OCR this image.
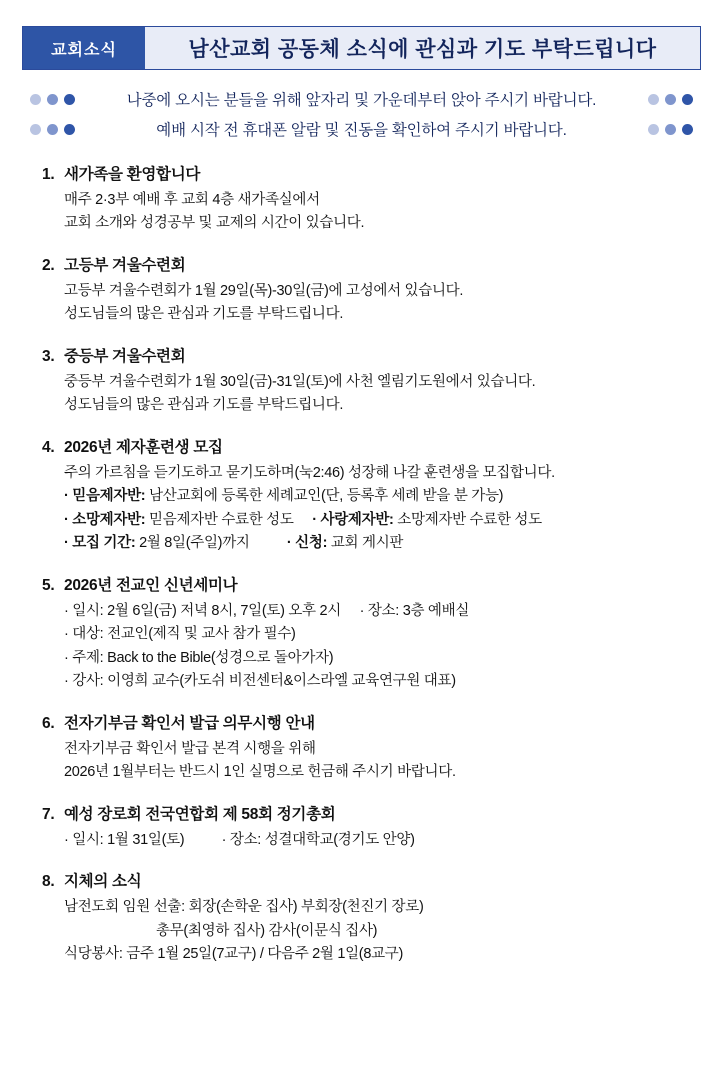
교회소식	남산교회 공동체 소식에 관심과 기도 부탁드립니다
나중에 오시는 분들을 위해 앞자리 및 가운데부터 앉아 주시기 바랍니다.
예배 시작 전 휴대폰 알람 및 진동을 확인하여 주시기 바랍니다.
1. 새가족을 환영합니다
매주 2·3부 예배 후 교회 4층 새가족실에서
교회 소개와 성경공부 및 교제의 시간이 있습니다.
2. 고등부 겨울수련회
고등부 겨울수련회가 1월 29일(목)-30일(금)에 고성에서 있습니다.
성도님들의 많은 관심과 기도를 부탁드립니다.
3. 중등부 겨울수련회
중등부 겨울수련회가 1월 30일(금)-31일(토)에 사천 엘림기도원에서 있습니다.
성도님들의 많은 관심과 기도를 부탁드립니다.
4. 2026년 제자훈련생 모집
주의 가르침을 듣기도하고 묻기도하며(눅2:46) 성장해 나갈 훈련생을 모집합니다.
· 믿음제자반: 남산교회에 등록한 세례교인(단, 등록후 세례 받을 분 가능)
· 소망제자반: 믿음제자반 수료한 성도     · 사랑제자반: 소망제자반 수료한 성도
· 모집 기간: 2월 8일(주일)까지          · 신청: 교회 게시판
5. 2026년 전교인 신년세미나
· 일시: 2월 6일(금) 저녁 8시, 7일(토) 오후 2시     · 장소: 3층 예배실
· 대상: 전교인(제직 및 교사 참가 필수)
· 주제: Back to the Bible(성경으로 돌아가자)
· 강사: 이영희 교수(카도쉬 비전센터&이스라엘 교육연구원 대표)
6. 전자기부금 확인서 발급 의무시행 안내
전자기부금 확인서 발급 본격 시행을 위해
2026년 1월부터는 반드시 1인 실명으로 헌금해 주시기 바랍니다.
7. 예성 장로회 전국연합회 제 58회 정기총회
· 일시: 1월 31일(토)          · 장소: 성결대학교(경기도 안양)
8. 지체의 소식
남전도회 임원 선출: 회장(손학운 집사) 부회장(천진기 장로)
총무(최영하 집사) 감사(이문식 집사)
식당봉사: 금주 1월 25일(7교구) / 다음주 2월 1일(8교구)
